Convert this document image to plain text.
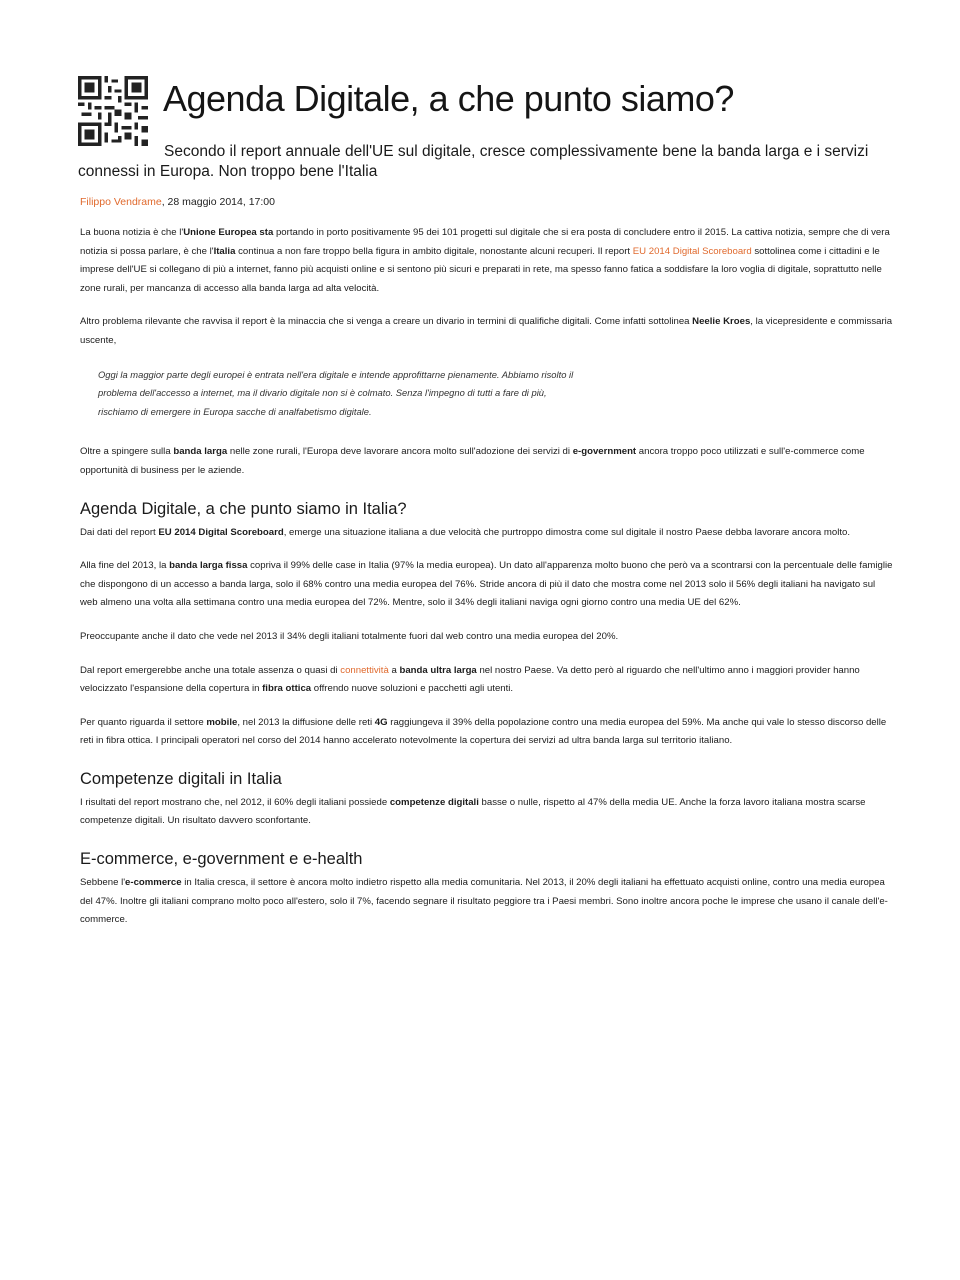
Agenda Digitale, a che punto siamo?

Secondo il report annuale dell'UE sul digitale, cresce complessivamente bene la banda larga e i servizi connessi in Europa. Non troppo bene l'Italia

Filippo Vendrame, 28 maggio 2014, 17:00

La buona notizia è che l'Unione Europea sta portando in porto positivamente 95 dei 101 progetti sul digitale che si era posta di concludere entro il 2015. La cattiva notizia, sempre che di vera notizia si possa parlare, è che l'Italia continua a non fare troppo bella figura in ambito digitale, nonostante alcuni recuperi. Il report EU 2014 Digital Scoreboard sottolinea come i cittadini e le imprese dell'UE si collegano di più a internet, fanno più acquisti online e si sentono più sicuri e preparati in rete, ma spesso fanno fatica a soddisfare la loro voglia di digitale, soprattutto nelle zone rurali, per mancanza di accesso alla banda larga ad alta velocità.

Altro problema rilevante che ravvisa il report è la minaccia che si venga a creare un divario in termini di qualifiche digitali. Come infatti sottolinea Neelie Kroes, la vicepresidente e commissaria uscente,

Oggi la maggior parte degli europei è entrata nell'era digitale e intende approfittarne pienamente. Abbiamo risolto il problema dell'accesso a internet, ma il divario digitale non si è colmato. Senza l'impegno di tutti a fare di più, rischiamo di emergere in Europa sacche di analfabetismo digitale.

Oltre a spingere sulla banda larga nelle zone rurali, l'Europa deve lavorare ancora molto sull'adozione dei servizi di e-government ancora troppo poco utilizzati e sull'e-commerce come opportunità di business per le aziende.

Agenda Digitale, a che punto siamo in Italia?

Dai dati del report EU 2014 Digital Scoreboard, emerge una situazione italiana a due velocità che purtroppo dimostra come sul digitale il nostro Paese debba lavorare ancora molto.

Alla fine del 2013, la banda larga fissa copriva il 99% delle case in Italia (97% la media europea). Un dato all'apparenza molto buono che però va a scontrarsi con la percentuale delle famiglie che dispongono di un accesso a banda larga, solo il 68% contro una media europea del 76%. Stride ancora di più il dato che mostra come nel 2013 solo il 56% degli italiani ha navigato sul web almeno una volta alla settimana contro una media europea del 72%. Mentre, solo il 34% degli italiani naviga ogni giorno contro una media UE del 62%.

Preoccupante anche il dato che vede nel 2013 il 34% degli italiani totalmente fuori dal web contro una media europea del 20%.

Dal report emergerebbe anche una totale assenza o quasi di connettività a banda ultra larga nel nostro Paese. Va detto però al riguardo che nell'ultimo anno i maggiori provider hanno velocizzato l'espansione della copertura in fibra ottica offrendo nuove soluzioni e pacchetti agli utenti.

Per quanto riguarda il settore mobile, nel 2013 la diffusione delle reti 4G raggiungeva il 39% della popolazione contro una media europea del 59%. Ma anche qui vale lo stesso discorso delle reti in fibra ottica. I principali operatori nel corso del 2014 hanno accelerato notevolmente la copertura dei servizi ad ultra banda larga sul territorio italiano.

Competenze digitali in Italia

I risultati del report mostrano che, nel 2012, il 60% degli italiani possiede competenze digitali basse o nulle, rispetto al 47% della media UE. Anche la forza lavoro italiana mostra scarse competenze digitali. Un risultato davvero sconfortante.

E-commerce, e-government e e-health

Sebbene l'e-commerce in Italia cresca, il settore è ancora molto indietro rispetto alla media comunitaria. Nel 2013, il 20% degli italiani ha effettuato acquisti online, contro una media europea del 47%. Inoltre gli italiani comprano molto poco all'estero, solo il 7%, facendo segnare il risultato peggiore tra i Paesi membri. Sono inoltre ancora poche le imprese che usano il canale dell'e-commerce.
